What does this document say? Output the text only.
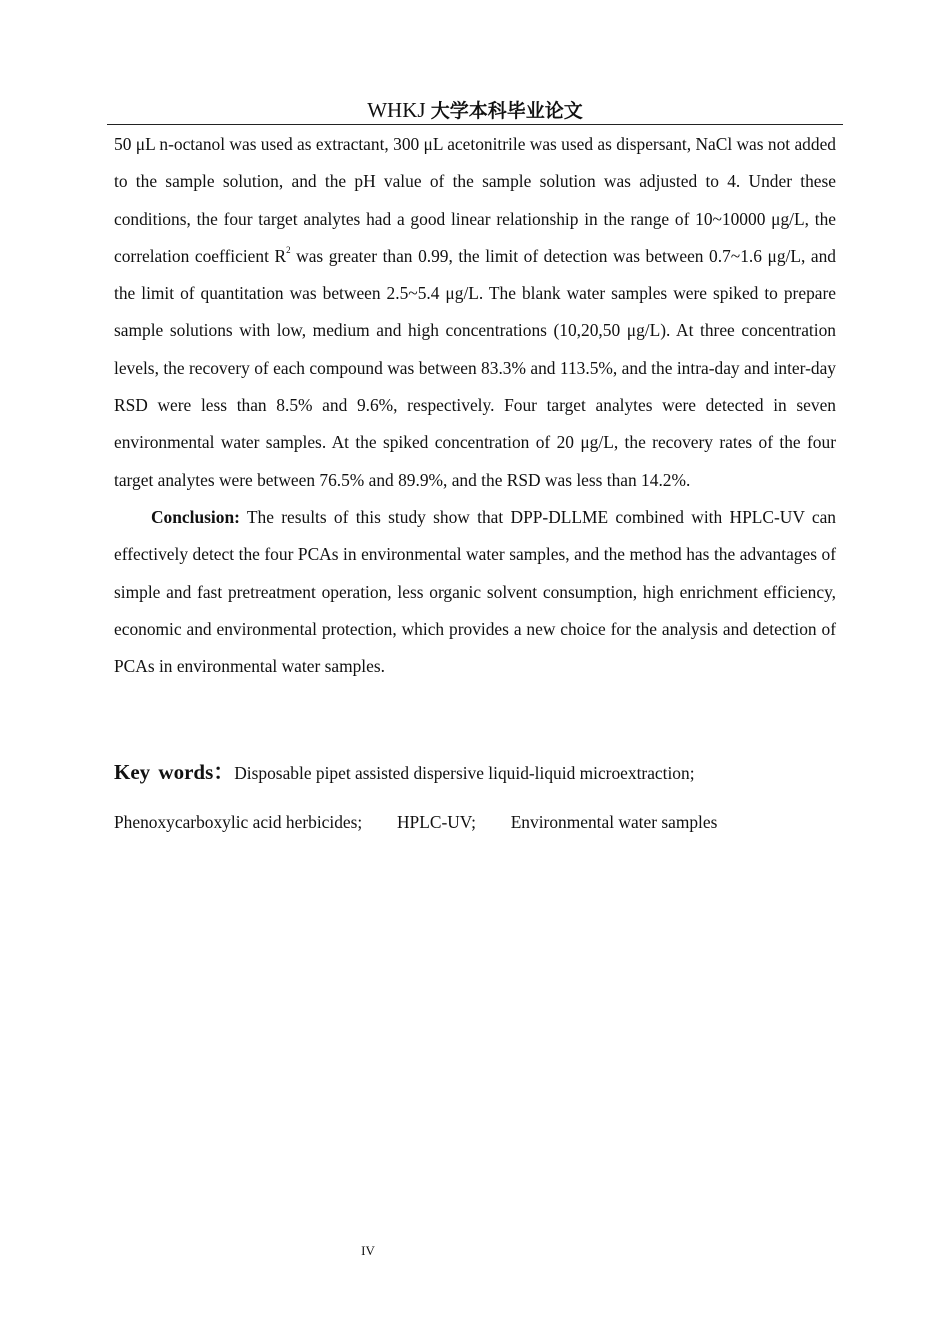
WHKJ 大学本科毕业论文

50 μL n-octanol was used as extractant, 300 μL acetonitrile was used as dispersant, NaCl was not added to the sample solution, and the pH value of the sample solution was adjusted to 4. Under these conditions, the four target analytes had a good linear relationship in the range of 10~10000 μg/L, the correlation coefficient $R^2$ was greater than 0.99, the limit of detection was between 0.7~1.6 μg/L, and the limit of quantitation was between 2.5~5.4 μg/L. The blank water samples were spiked to prepare sample solutions with low, medium and high concentrations (10,20,50 μg/L). At three concentration levels, the recovery of each compound was between 83.3% and 113.5%, and the intra-day and inter-day RSD were less than 8.5% and 9.6%, respectively. Four target analytes were detected in seven environmental water samples. At the spiked concentration of 20 μg/L, the recovery rates of the four target analytes were between 76.5% and 89.9%, and the RSD was less than 14.2%.

Conclusion: The results of this study show that DPP-DLLME combined with HPLC-UV can effectively detect the four PCAs in environmental water samples, and the method has the advantages of simple and fast pretreatment operation, less organic solvent consumption, high enrichment efficiency, economic and environmental protection, which provides a new choice for the analysis and detection of PCAs in environmental water samples.

Key words：Disposable pipet assisted dispersive liquid-liquid microextraction;
Phenoxycarboxylic acid herbicides; HPLC-UV; Environmental water samples
IV
